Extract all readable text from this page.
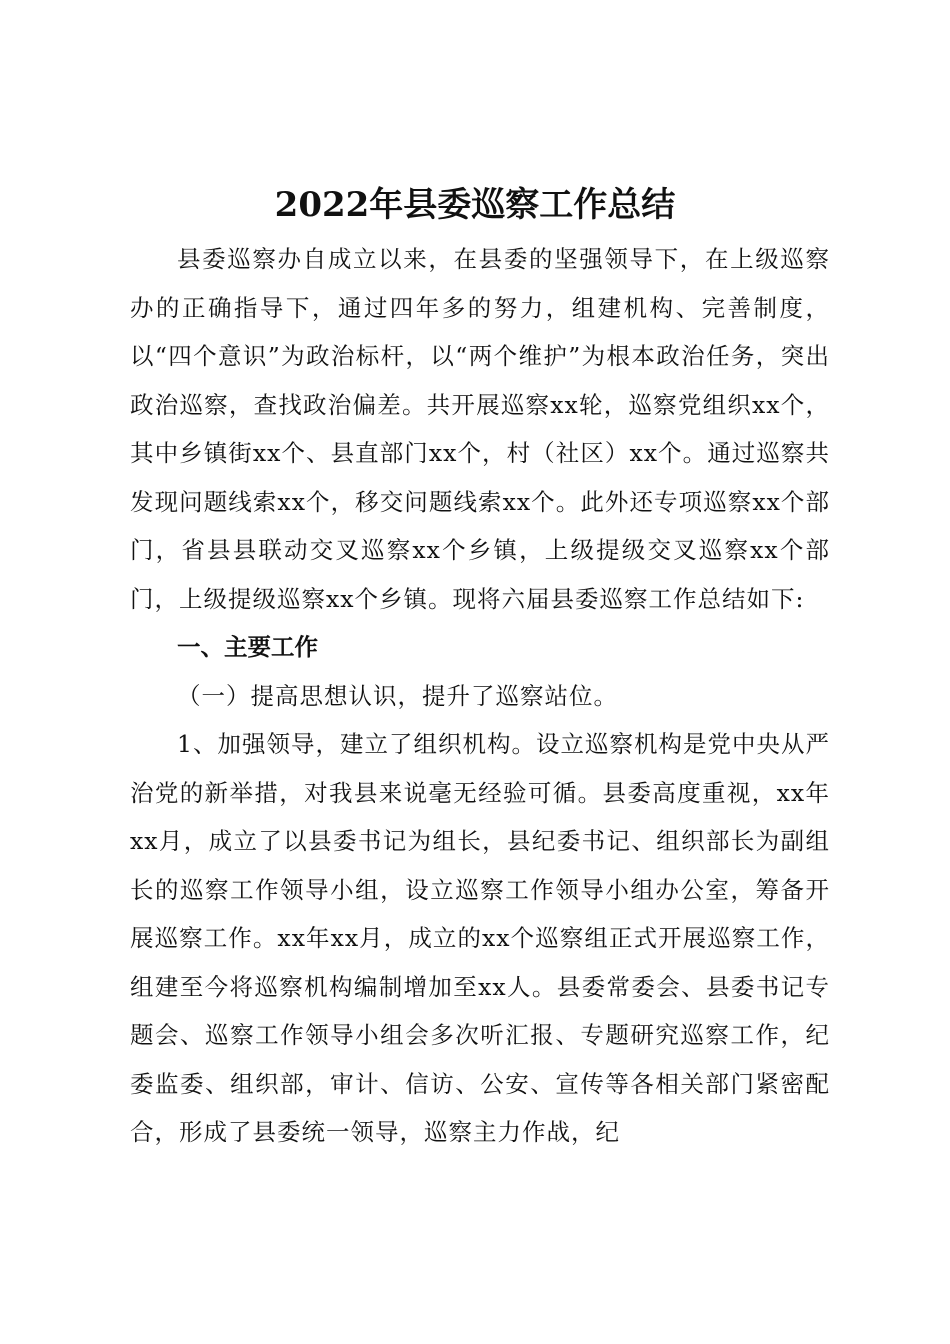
2022年县委巡察工作总结

县委巡察办自成立以来，在县委的坚强领导下，在上级巡察办的正确指导下，通过四年多的努力，组建机构、完善制度，以“四个意识”为政治标杆，以“两个维护”为根本政治任务，突出政治巡察，查找政治偏差。共开展巡察xx轮，巡察党组织xx个，其中乡镇街xx个、县直部门xx个，村（社区）xx个。通过巡察共发现问题线索xx个，移交问题线索xx个。此外还专项巡察xx个部门，省县县联动交叉巡察xx个乡镇，上级提级交叉巡察xx个部门，上级提级巡察xx个乡镇。现将六届县委巡察工作总结如下:

一、主要工作

（一）提高思想认识，提升了巡察站位。

1、加强领导，建立了组织机构。设立巡察机构是党中央从严治党的新举措，对我县来说毫无经验可循。县委高度重视，xx年xx月，成立了以县委书记为组长，县纪委书记、组织部长为副组长的巡察工作领导小组，设立巡察工作领导小组办公室，筹备开展巡察工作。xx年xx月，成立的xx个巡察组正式开展巡察工作，组建至今将巡察机构编制增加至xx人。县委常委会、县委书记专题会、巡察工作领导小组会多次听汇报、专题研究巡察工作，纪委监委、组织部，审计、信访、公安、宣传等各相关部门紧密配合，形成了县委统一领导，巡察主力作战，纪
